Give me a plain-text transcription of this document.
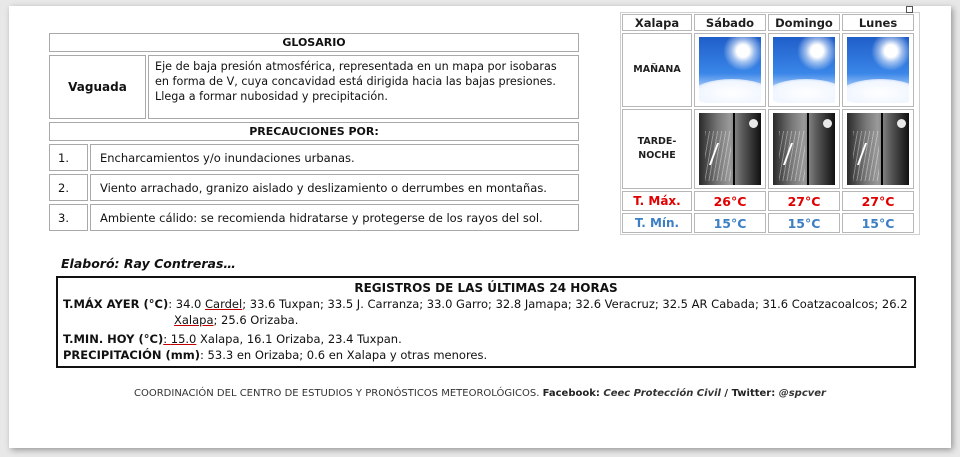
GLOSARIO
Vaguada
Eje de baja presión atmosférica, representada en un mapa por isobaras
en forma de V, cuya concavidad está dirigida hacia las bajas presiones.
Llega a formar nubosidad y precipitación.
PRECAUCIONES POR:
1.	Encharcamientos y/o inundaciones urbanas.
2.	Viento arrachado, granizo aislado y deslizamiento o derrumbes en montañas.
3.	Ambiente cálido: se recomienda hidratarse y protegerse de los rayos del sol.
Xalapa	Sábado	Domingo	Lunes
MAÑANA
TARDE-
NOCHE
T. Máx.	26°C	27°C	27°C
T. Mín.	15°C	15°C	15°C
Elaboró: Ray Contreras…
REGISTROS DE LAS ÚLTIMAS 24 HORAS
T.MÁX AYER (°C): 34.0 Cardel; 33.6 Tuxpan; 33.5 J. Carranza; 33.0 Garro; 32.8 Jamapa; 32.6 Veracruz; 32.5 AR Cabada; 31.6 Coatzacoalcos; 26.2
Xalapa; 25.6 Orizaba.
T.MIN. HOY (°C): 15.0 Xalapa, 16.1 Orizaba, 23.4 Tuxpan.
PRECIPITACIÓN (mm): 53.3 en Orizaba; 0.6 en Xalapa y otras menores.
COORDINACIÓN DEL CENTRO DE ESTUDIOS Y PRONÓSTICOS METEOROLÓGICOS. Facebook: Ceec Protección Civil / Twitter: @spcver
